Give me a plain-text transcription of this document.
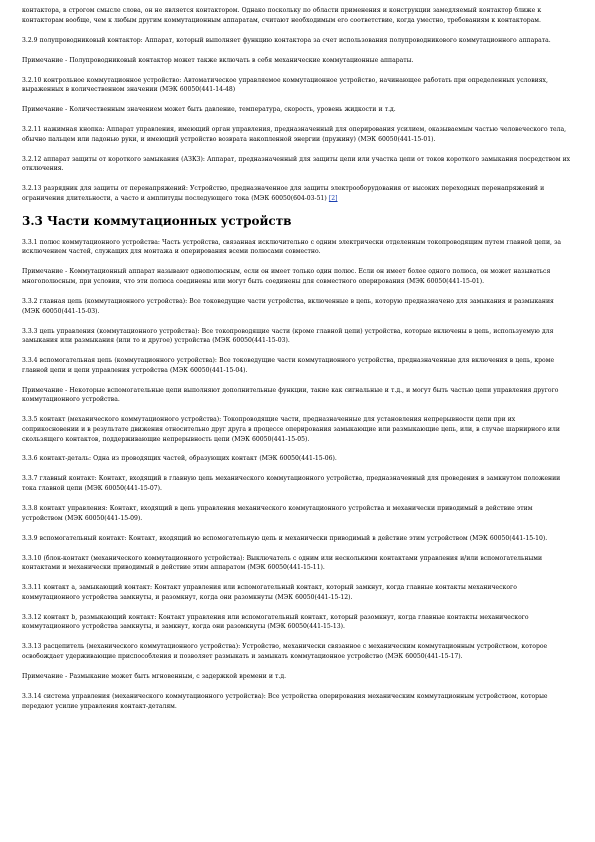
контактора, в строгом смысле слова, он не является контактором. Однако поскольку по области применения и конструкции замедляемый контактор ближе к контакторам вообще, чем к любым другим коммутационным аппаратам, считают необходимым его соответствие, когда уместно, требованиям к контакторам.

3.2.9 полупроводниковый контактор: Аппарат, который выполняет функцию контактора за счет использования полупроводникового коммутационного аппарата.

Примечание - Полупроводниковый контактор может также включать в себя механические коммутационные аппараты.

3.2.10 контрольное коммутационное устройство: Автоматическое управляемое коммутационное устройство, начинающее работать при определенных условиях, выраженных в количественном значении (МЭК 60050(441-14-48)

Примечание - Количественным значением может быть давление, температура, скорость, уровень жидкости и т.д.

3.2.11 нажимная кнопка: Аппарат управления, имеющий орган управления, предназначенный для оперирования усилием, оказываемым частью человеческого тела, обычно пальцем или ладонью руки, и имеющий устройство возврата накопленной энергии (пружину) (МЭК 60050(441-15-01).

3.2.12 аппарат защиты от короткого замыкания (АЗКЗ): Аппарат, предназначенный для защиты цепи или участка цепи от токов короткого замыкания посредством их отключения.

3.2.13 разрядник для защиты от перенапряжений: Устройство, предназначенное для защиты электрооборудования от высоких переходных перенапряжений и ограничения длительности, а часто и амплитуды последующего тока (МЭК 60050(604-03-51) [2]

3.3 Части коммутационных устройств

3.3.1 полюс коммутационного устройства: Часть устройства, связанная исключительно с одним электрически отделенным токопроводящим путем главной цепи, за исключением частей, служащих для монтажа и оперирования всеми полюсами совместно.

Примечание - Коммутационный аппарат называют однополюсным, если он имеет только один полюс. Если он имеет более одного полюса, он может называться многополюсным, при условии, что эти полюса соединены или могут быть соединены для совместного оперирования (МЭК 60050(441-15-01).

3.3.2 главная цепь (коммутационного устройства): Все токоведущие части устройства, включенные в цепь, которую предназначено для замыкания и размыкания (МЭК 60050(441-15-03).

3.3.3 цепь управления (коммутационного устройства): Все токопроводящие части (кроме главной цепи) устройства, которые включены в цепь, используемую для замыкания или размыкания (или то и другое) устройства (МЭК 60050(441-15-03).

3.3.4 вспомогательная цепь (коммутационного устройства): Все токоведущие части коммутационного устройства, предназначенные для включения в цепь, кроме главной цепи и цепи управления устройства (МЭК 60050(441-15-04).

Примечание - Некоторые вспомогательные цепи выполняют дополнительные функции, такие как сигнальные и т.д., и могут быть частью цепи управления другого коммутационного устройства.

3.3.5 контакт (механического коммутационного устройства): Токопроводящие части, предназначенные для установления непрерывности цепи при их соприкосновении и в результате движения относительно друг друга в процессе оперирования замыкающие или размыкающие цепь, или, в случае шарнирного или скользящего контактов, поддерживающие непрерывность цепи (МЭК 60050(441-15-05).

3.3.6 контакт-деталь: Одна из проводящих частей, образующих контакт (МЭК 60050(441-15-06).

3.3.7 главный контакт: Контакт, входящий в главную цепь механического коммутационного устройства, предназначенный для проведения в замкнутом положении тока главной цепи (МЭК 60050(441-15-07).

3.3.8 контакт управления: Контакт, входящий в цепь управления механического коммутационного устройства и механически приводимый в действие этим устройством (МЭК 60050(441-15-09).

3.3.9 вспомогательный контакт: Контакт, входящий во вспомогательную цепь и механически приводимый в действие этим устройством (МЭК 60050(441-15-10).

3.3.10 (блок-контакт (механического коммутационного устройства): Выключатель с одним или несколькими контактами управления и/или вспомогательными контактами и механически приводимый в действие этим аппаратом (МЭК 60050(441-15-11).

3.3.11 контакт а, замыкающий контакт: Контакт управления или вспомогательный контакт, который замкнут, когда главные контакты механического коммутационного устройства замкнуты, и разомкнут, когда они разомкнуты (МЭК 60050(441-15-12).

3.3.12 контакт b, размыкающий контакт: Контакт управления или вспомогательный контакт, который разомкнут, когда главные контакты механического коммутационного устройства замкнуты, и замкнут, когда они разомкнуты (МЭК 60050(441-15-13).

3.3.13 расцепитель (механического коммутационного устройства): Устройство, механически связанное с механическим коммутационным устройством, которое освобождает удерживающие приспособления и позволяет размыкать и замыкать коммутационное устройство (МЭК 60050(441-15-17).

Примечание - Размыкание может быть мгновенным, с задержкой времени и т.д.

3.3.14 система управления (механического коммутационного устройства): Все устройства оперирования механическим коммутационным устройством, которые передают усилие управления контакт-деталям.
